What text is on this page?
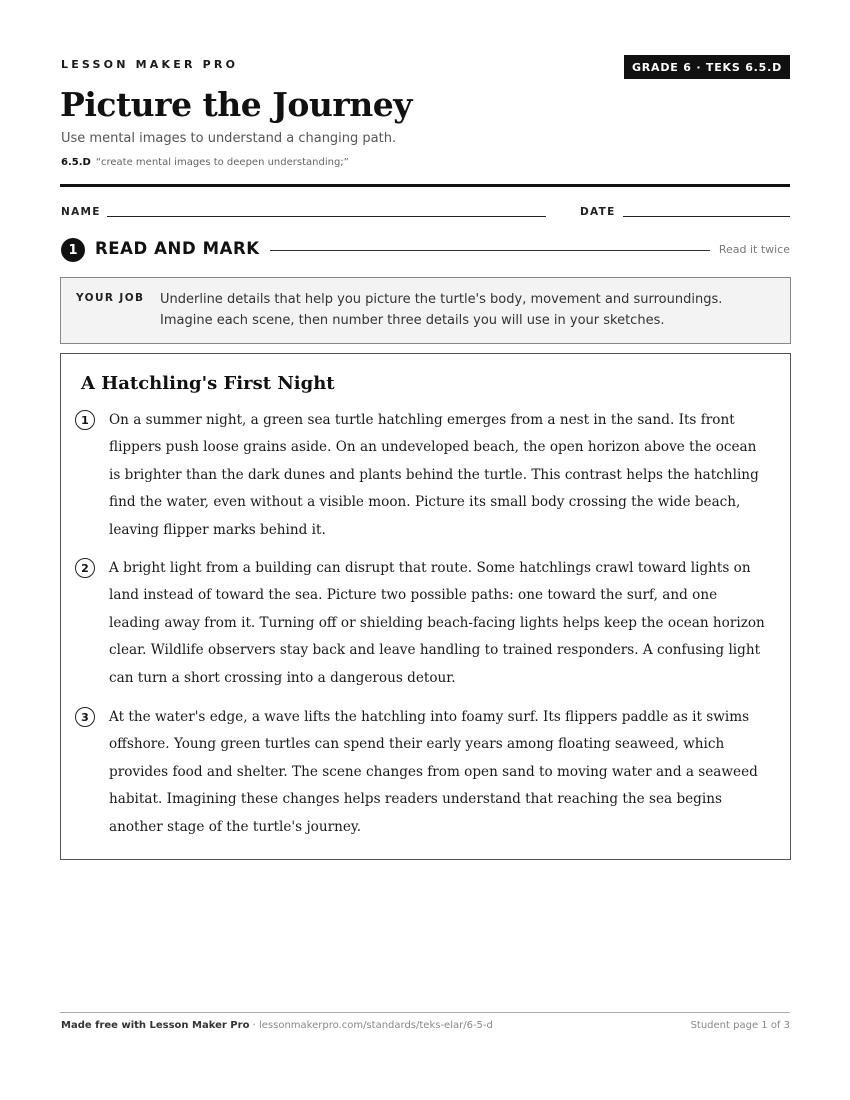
LESSON MAKER PRO	GRADE 6 · TEKS 6.5.D
Picture the Journey
Use mental images to understand a changing path.
6.5.D “create mental images to deepen understanding;”
NAME	DATE
1	READ AND MARK	Read it twice
YOUR JOB Underline details that help you picture the turtle's body, movement and surroundings. Imagine each scene, then number three details you will use in your sketches.
A Hatchling's First Night
1	On a summer night, a green sea turtle hatchling emerges from a nest in the sand. Its front flippers push loose grains aside. On an undeveloped beach, the open horizon above the ocean is brighter than the dark dunes and plants behind the turtle. This contrast helps the hatchling find the water, even without a visible moon. Picture its small body crossing the wide beach, leaving flipper marks behind it.

2	A bright light from a building can disrupt that route. Some hatchlings crawl toward lights on land instead of toward the sea. Picture two possible paths: one toward the surf, and one leading away from it. Turning off or shielding beach-facing lights helps keep the ocean horizon clear. Wildlife observers stay back and leave handling to trained responders. A confusing light can turn a short crossing into a dangerous detour.

3	At the water's edge, a wave lifts the hatchling into foamy surf. Its flippers paddle as it swims offshore. Young green turtles can spend their early years among floating seaweed, which provides food and shelter. The scene changes from open sand to moving water and a seaweed habitat. Imagining these changes helps readers understand that reaching the sea begins another stage of the turtle's journey.

Made free with Lesson Maker Pro · lessonmakerpro.com/standards/teks-elar/6-5-d	Student page 1 of 3
